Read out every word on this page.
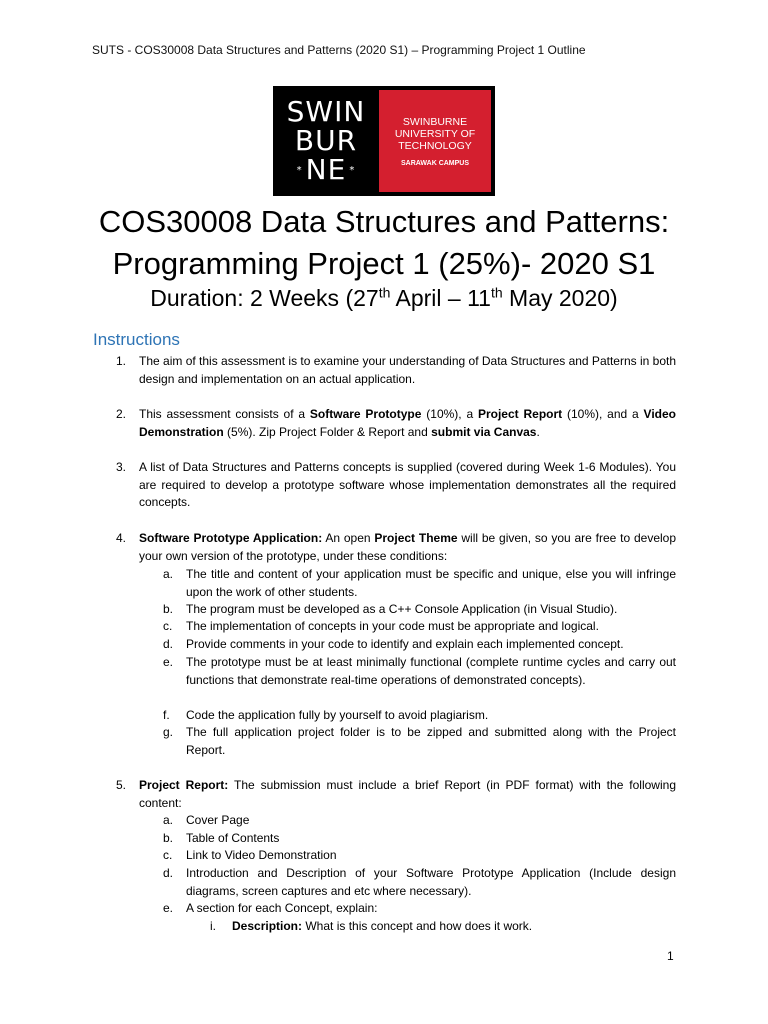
SUTS - COS30008 Data Structures and Patterns (2020 S1) – Programming Project 1 Outline
SWIN
BUR
* NE *
SWINBURNE
UNIVERSITY OF
TECHNOLOGY
SARAWAK CAMPUS
COS30008 Data Structures and Patterns:
Programming Project 1 (25%)- 2020 S1
Duration: 2 Weeks (27th April – 11th May 2020)
Instructions
1. The aim of this assessment is to examine your understanding of Data Structures and Patterns in both design and implementation on an actual application.
2. This assessment consists of a Software Prototype (10%), a Project Report (10%), and a Video Demonstration (5%). Zip Project Folder & Report and submit via Canvas.
3. A list of Data Structures and Patterns concepts is supplied (covered during Week 1-6 Modules). You are required to develop a prototype software whose implementation demonstrates all the required concepts.
4. Software Prototype Application: An open Project Theme will be given, so you are free to develop your own version of the prototype, under these conditions:
a. The title and content of your application must be specific and unique, else you will infringe upon the work of other students.
b. The program must be developed as a C++ Console Application (in Visual Studio).
c. The implementation of concepts in your code must be appropriate and logical.
d. Provide comments in your code to identify and explain each implemented concept.
e. The prototype must be at least minimally functional (complete runtime cycles and carry out functions that demonstrate real-time operations of demonstrated concepts).
f. Code the application fully by yourself to avoid plagiarism.
g. The full application project folder is to be zipped and submitted along with the Project Report.
5. Project Report: The submission must include a brief Report (in PDF format) with the following content:
a. Cover Page
b. Table of Contents
c. Link to Video Demonstration
d. Introduction and Description of your Software Prototype Application (Include design diagrams, screen captures and etc where necessary).
e. A section for each Concept, explain:
i. Description: What is this concept and how does it work.
1
